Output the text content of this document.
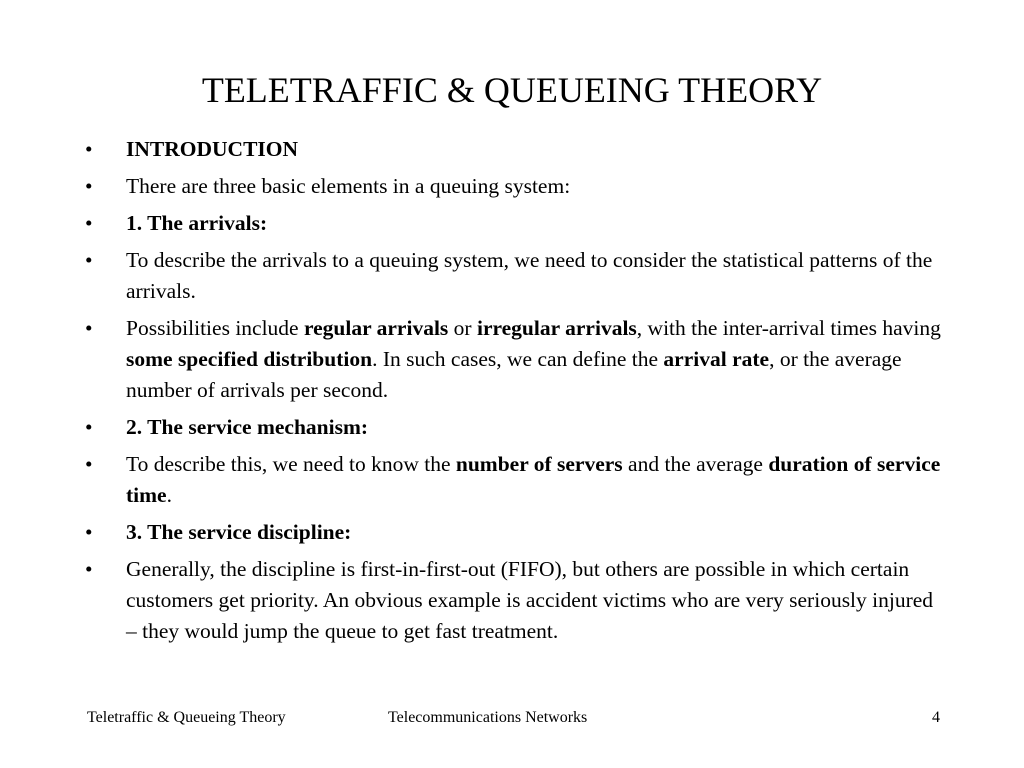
TELETRAFFIC & QUEUEING THEORY
• INTRODUCTION
• There are three basic elements in a queuing system:
• 1. The arrivals:
• To describe the arrivals to a queuing system, we need to consider the statistical patterns of the arrivals.
• Possibilities include regular arrivals or irregular arrivals, with the inter-arrival times having some specified distribution. In such cases, we can define the arrival rate, or the average number of arrivals per second.
• 2. The service mechanism:
• To describe this, we need to know the number of servers and the average duration of service time.
• 3. The service discipline:
• Generally, the discipline is first-in-first-out (FIFO), but others are possible in which certain customers get priority. An obvious example is accident victims who are very seriously injured – they would jump the queue to get fast treatment.
Teletraffic & Queueing Theory	Telecommunications Networks	4
